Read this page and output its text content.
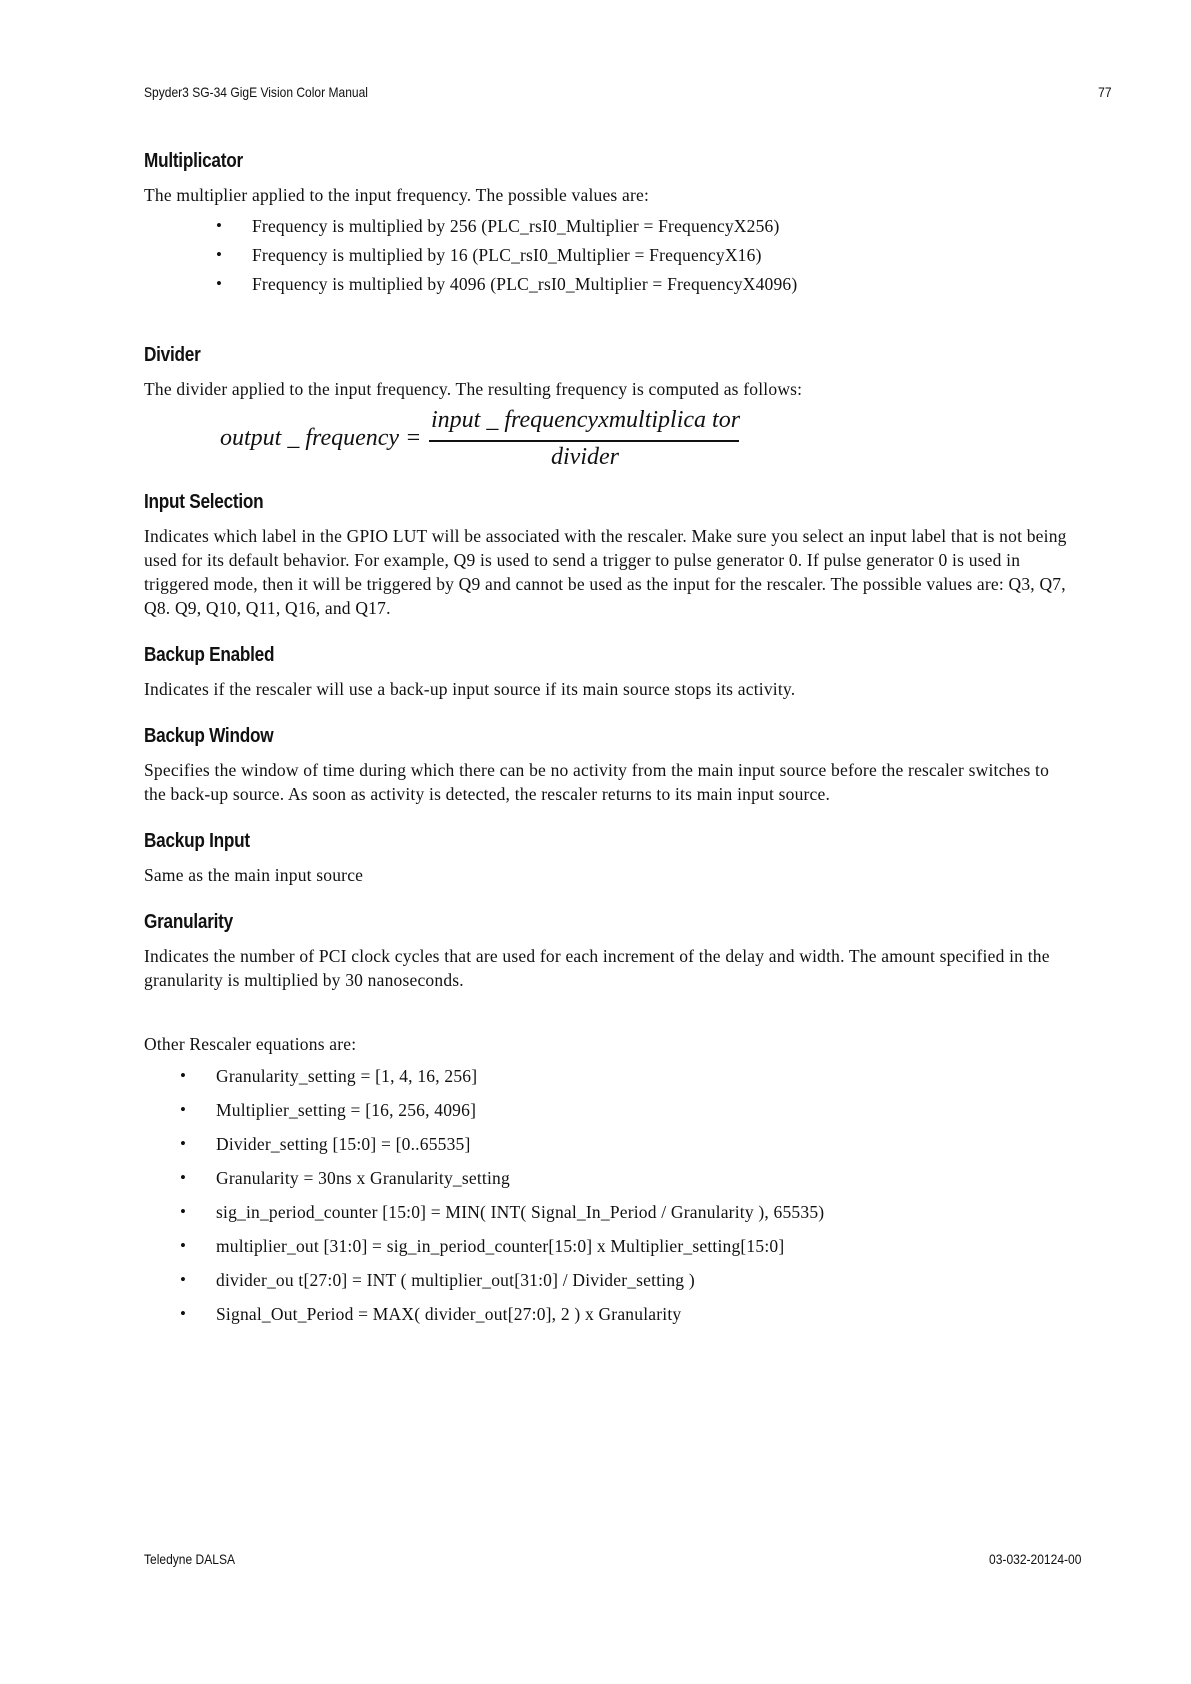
Spyder3 SG-34 GigE Vision Color Manual	77
Multiplicator

The multiplier applied to the input frequency. The possible values are:

• Frequency is multiplied by 256 (PLC_rsI0_Multiplier = FrequencyX256)
• Frequency is multiplied by 16 (PLC_rsI0_Multiplier = FrequencyX16)
• Frequency is multiplied by 4096 (PLC_rsI0_Multiplier = FrequencyX4096)
Divider

The divider applied to the input frequency. The resulting frequency is computed as follows:

output _ frequency =
input _ frequencyxmultiplica tor
divider
Input Selection

Indicates which label in the GPIO LUT will be associated with the rescaler. Make sure you select an input label that is not being used for its default behavior. For example, Q9 is used to send a trigger to pulse generator 0. If pulse generator 0 is used in triggered mode, then it will be triggered by Q9 and cannot be used as the input for the rescaler. The possible values are: Q3, Q7, Q8. Q9, Q10, Q11, Q16, and Q17.

Backup Enabled

Indicates if the rescaler will use a back-up input source if its main source stops its activity.

Backup Window

Specifies the window of time during which there can be no activity from the main input source before the rescaler switches to the back-up source. As soon as activity is detected, the rescaler returns to its main input source.

Backup Input

Same as the main input source

Granularity

Indicates the number of PCI clock cycles that are used for each increment of the delay and width. The amount specified in the granularity is multiplied by 30 nanoseconds.

Other Rescaler equations are:

• Granularity_setting = [1, 4, 16, 256]
• Multiplier_setting = [16, 256, 4096]
• Divider_setting [15:0] = [0..65535]
• Granularity = 30ns x Granularity_setting
• sig_in_period_counter [15:0] = MIN( INT( Signal_In_Period / Granularity ), 65535)
• multiplier_out [31:0] = sig_in_period_counter[15:0] x Multiplier_setting[15:0]
• divider_ou t[27:0] = INT ( multiplier_out[31:0] / Divider_setting )
• Signal_Out_Period = MAX( divider_out[27:0], 2 ) x Granularity
Teledyne DALSA	03-032-20124-00
